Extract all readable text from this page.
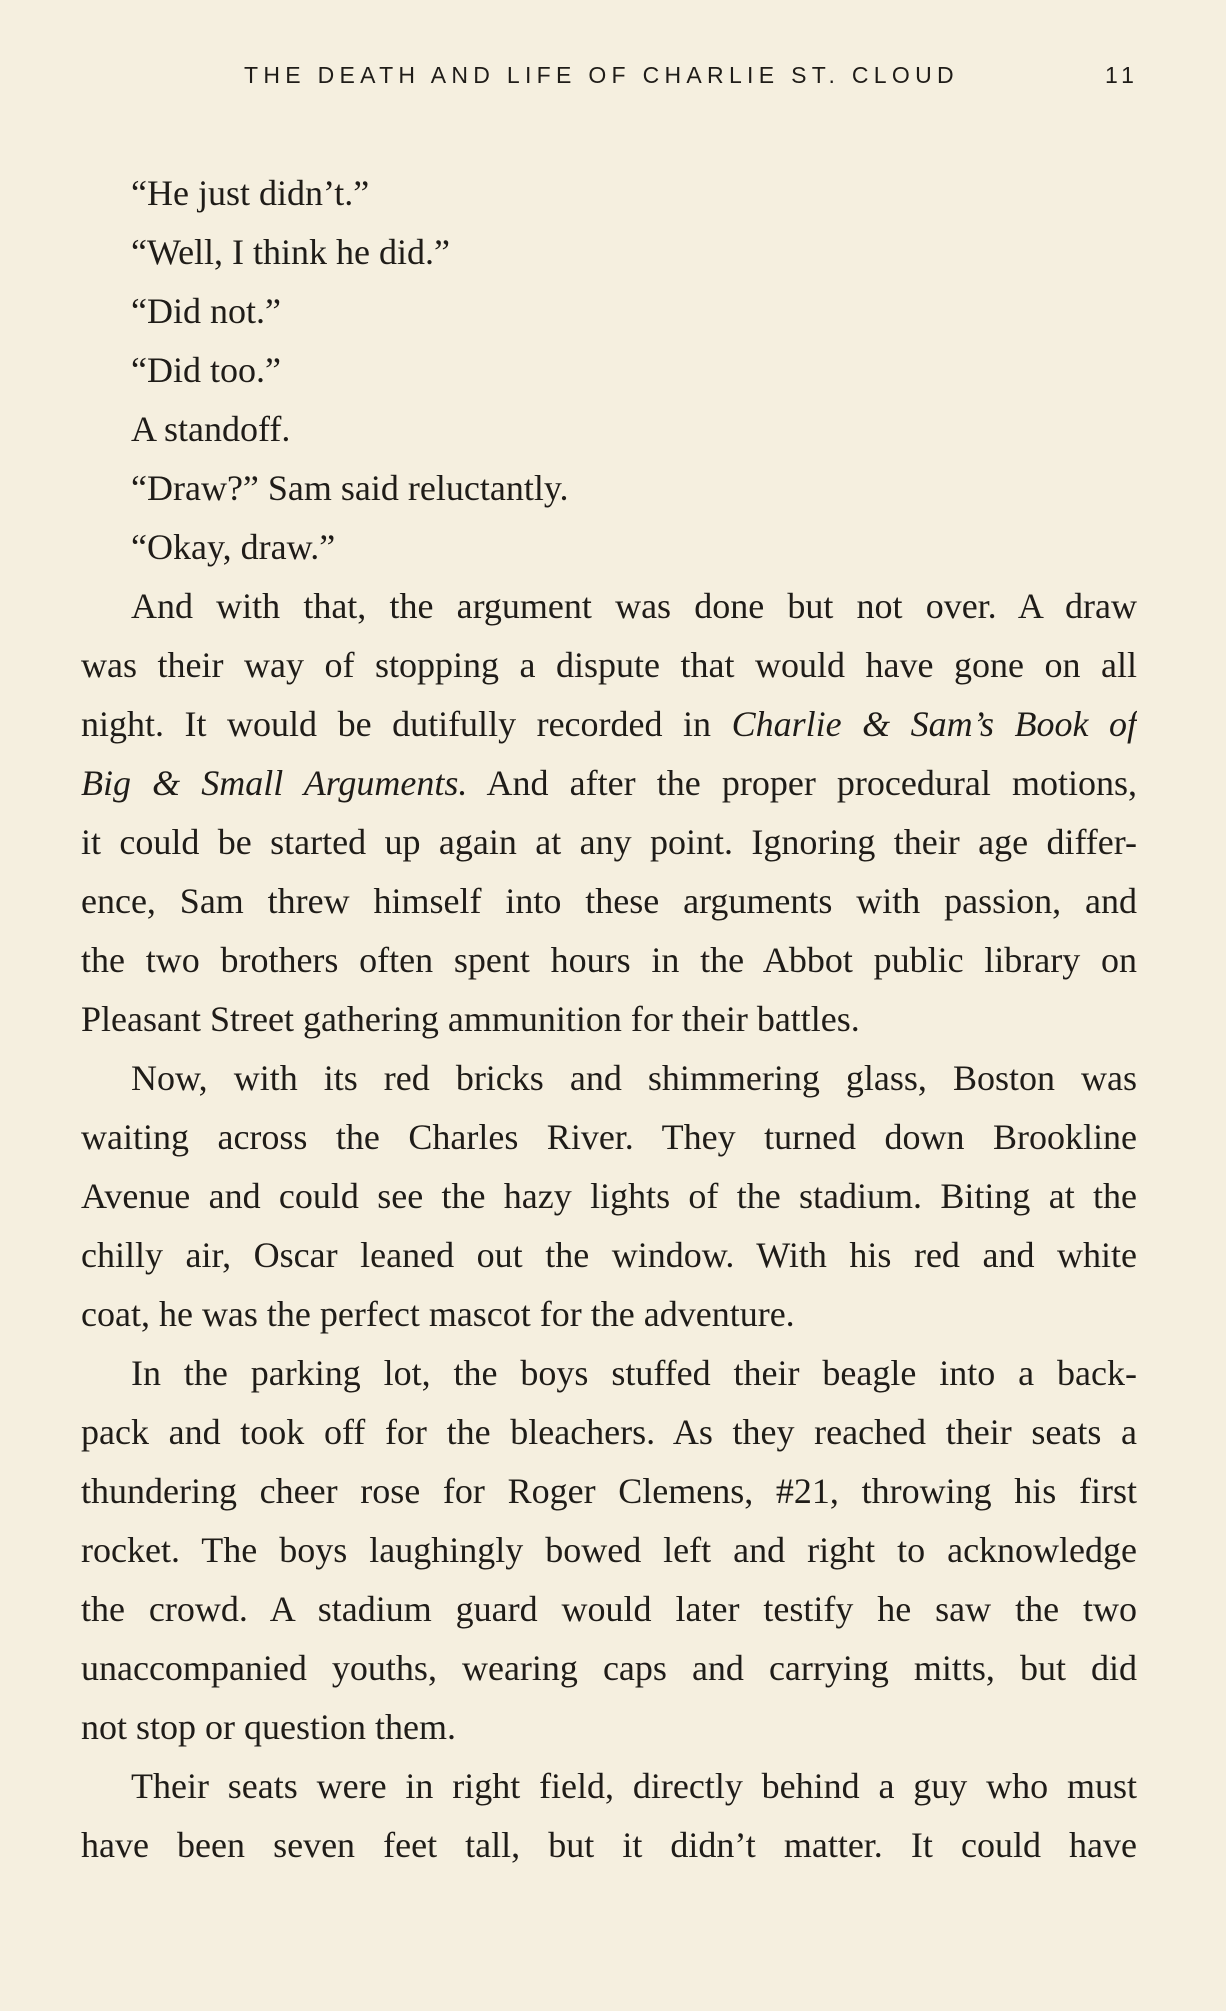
THE DEATH AND LIFE OF CHARLIE ST. CLOUD	11
“He just didn’t.”
“Well, I think he did.”
“Did not.”
“Did too.”
A standoff.
“Draw?” Sam said reluctantly.
“Okay, draw.”
And with that, the argument was done but not over. A draw
was their way of stopping a dispute that would have gone on all
night. It would be dutifully recorded in Charlie & Sam’s Book of
Big & Small Arguments. And after the proper procedural motions,
it could be started up again at any point. Ignoring their age differ-
ence, Sam threw himself into these arguments with passion, and
the two brothers often spent hours in the Abbot public library on
Pleasant Street gathering ammunition for their battles.
Now, with its red bricks and shimmering glass, Boston was
waiting across the Charles River. They turned down Brookline
Avenue and could see the hazy lights of the stadium. Biting at the
chilly air, Oscar leaned out the window. With his red and white
coat, he was the perfect mascot for the adventure.
In the parking lot, the boys stuffed their beagle into a back-
pack and took off for the bleachers. As they reached their seats a
thundering cheer rose for Roger Clemens, #21, throwing his first
rocket. The boys laughingly bowed left and right to acknowledge
the crowd. A stadium guard would later testify he saw the two
unaccompanied youths, wearing caps and carrying mitts, but did
not stop or question them.
Their seats were in right field, directly behind a guy who must
have been seven feet tall, but it didn’t matter. It could have
